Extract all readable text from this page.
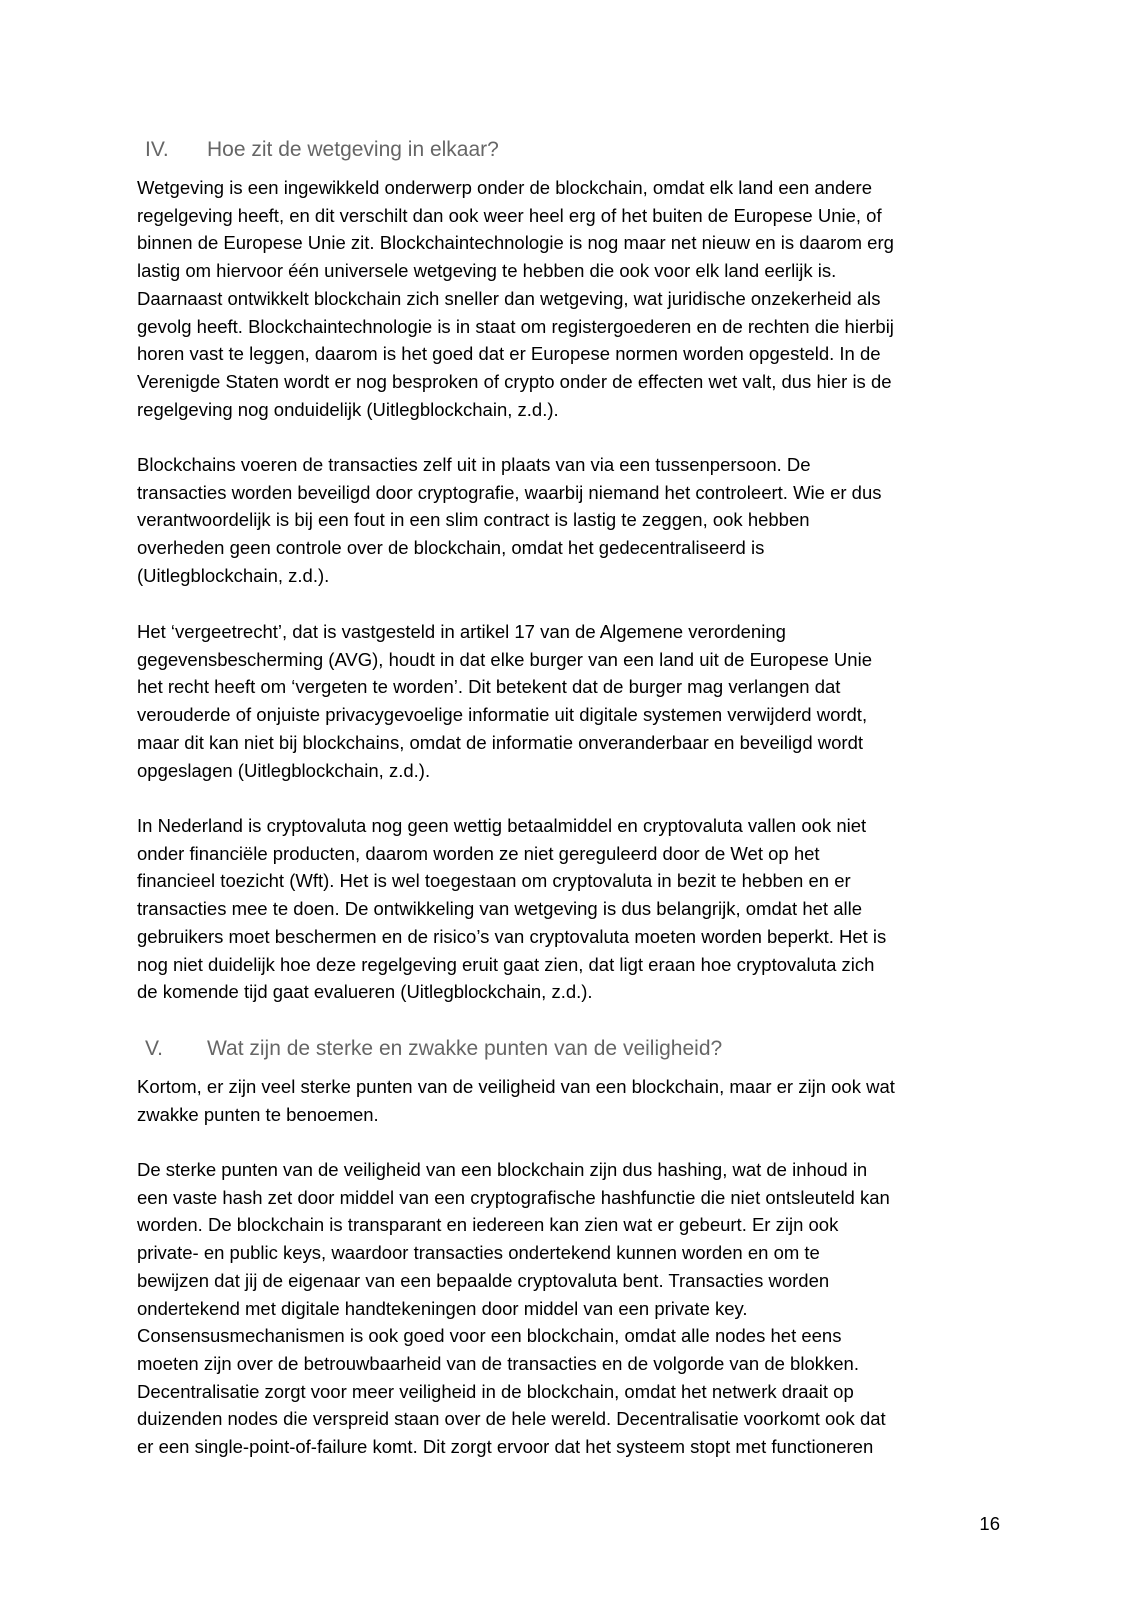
IV. Hoe zit de wetgeving in elkaar?

Wetgeving is een ingewikkeld onderwerp onder de blockchain, omdat elk land een andere
regelgeving heeft, en dit verschilt dan ook weer heel erg of het buiten de Europese Unie, of
binnen de Europese Unie zit. Blockchaintechnologie is nog maar net nieuw en is daarom erg
lastig om hiervoor één universele wetgeving te hebben die ook voor elk land eerlijk is.
Daarnaast ontwikkelt blockchain zich sneller dan wetgeving, wat juridische onzekerheid als
gevolg heeft. Blockchaintechnologie is in staat om registergoederen en de rechten die hierbij
horen vast te leggen, daarom is het goed dat er Europese normen worden opgesteld. In de
Verenigde Staten wordt er nog besproken of crypto onder de effecten wet valt, dus hier is de
regelgeving nog onduidelijk (Uitlegblockchain, z.d.).

Blockchains voeren de transacties zelf uit in plaats van via een tussenpersoon. De
transacties worden beveiligd door cryptografie, waarbij niemand het controleert. Wie er dus
verantwoordelijk is bij een fout in een slim contract is lastig te zeggen, ook hebben
overheden geen controle over de blockchain, omdat het gedecentraliseerd is
(Uitlegblockchain, z.d.).

Het ‘vergeetrecht’, dat is vastgesteld in artikel 17 van de Algemene verordening
gegevensbescherming (AVG), houdt in dat elke burger van een land uit de Europese Unie
het recht heeft om ‘vergeten te worden’. Dit betekent dat de burger mag verlangen dat
verouderde of onjuiste privacygevoelige informatie uit digitale systemen verwijderd wordt,
maar dit kan niet bij blockchains, omdat de informatie onveranderbaar en beveiligd wordt
opgeslagen (Uitlegblockchain, z.d.).

In Nederland is cryptovaluta nog geen wettig betaalmiddel en cryptovaluta vallen ook niet
onder financiële producten, daarom worden ze niet gereguleerd door de Wet op het
financieel toezicht (Wft). Het is wel toegestaan om cryptovaluta in bezit te hebben en er
transacties mee te doen. De ontwikkeling van wetgeving is dus belangrijk, omdat het alle
gebruikers moet beschermen en de risico’s van cryptovaluta moeten worden beperkt. Het is
nog niet duidelijk hoe deze regelgeving eruit gaat zien, dat ligt eraan hoe cryptovaluta zich
de komende tijd gaat evalueren (Uitlegblockchain, z.d.).

V. Wat zijn de sterke en zwakke punten van de veiligheid?

Kortom, er zijn veel sterke punten van de veiligheid van een blockchain, maar er zijn ook wat
zwakke punten te benoemen.

De sterke punten van de veiligheid van een blockchain zijn dus hashing, wat de inhoud in
een vaste hash zet door middel van een cryptografische hashfunctie die niet ontsleuteld kan
worden. De blockchain is transparant en iedereen kan zien wat er gebeurt. Er zijn ook
private- en public keys, waardoor transacties ondertekend kunnen worden en om te
bewijzen dat jij de eigenaar van een bepaalde cryptovaluta bent. Transacties worden
ondertekend met digitale handtekeningen door middel van een private key.
Consensusmechanismen is ook goed voor een blockchain, omdat alle nodes het eens
moeten zijn over de betrouwbaarheid van de transacties en de volgorde van de blokken.
Decentralisatie zorgt voor meer veiligheid in de blockchain, omdat het netwerk draait op
duizenden nodes die verspreid staan over de hele wereld. Decentralisatie voorkomt ook dat
er een single-point-of-failure komt. Dit zorgt ervoor dat het systeem stopt met functioneren

16
